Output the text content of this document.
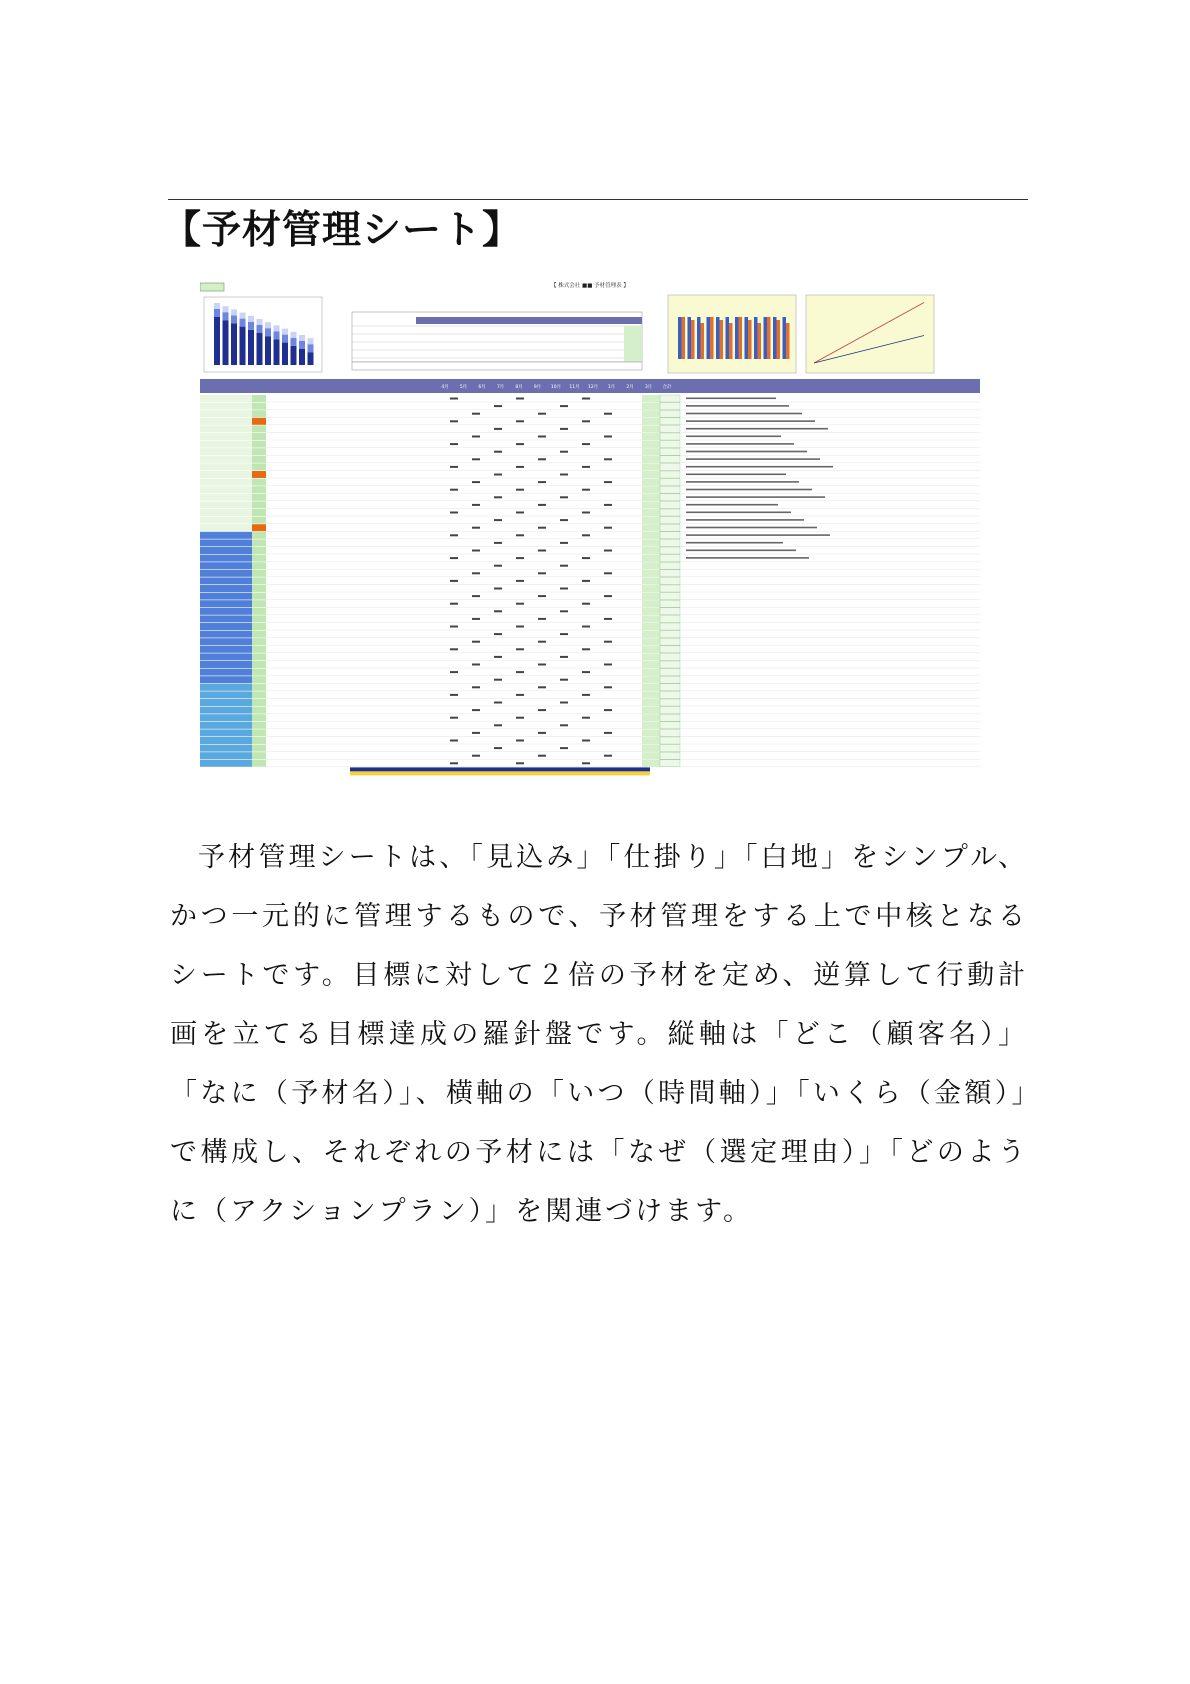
【予材管理シート】
【 株式会社 ■■ 予材管理表 】
4月 5月 6月 7月 8月 9月 10月 11月 12月 1月 2月 3月 合計

予材管理シートは、「見込み」「仕掛り」「白地」をシンプル、かつ一元的に管理するもので、予材管理をする上で中核となるシートです。目標に対して２倍の予材を定め、逆算して行動計画を立てる目標達成の羅針盤です。縦軸は「どこ（顧客名）」「なに（予材名）」、横軸の「いつ（時間軸）」「いくら（金額）」で構成し、それぞれの予材には「なぜ（選定理由）」「どのように（アクションプラン）」を関連づけます。
